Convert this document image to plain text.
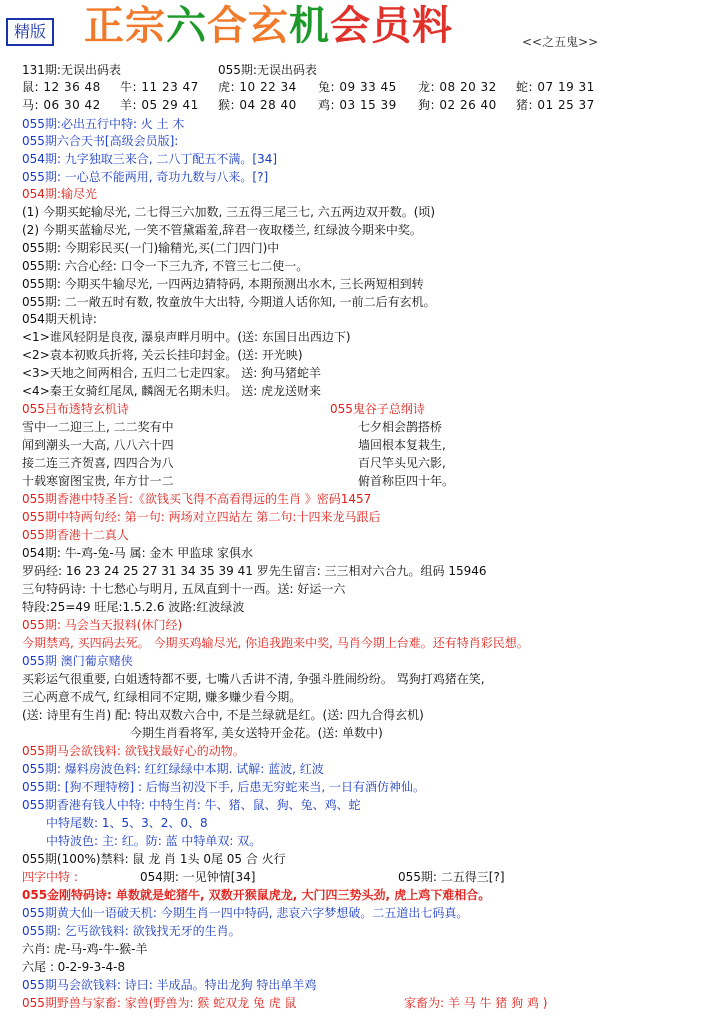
精版 正宗六合玄机会员料	<<之五鬼>>
131期:无误出码表	055期:无误出码表
鼠: 12 36 48 牛: 11 23 47 虎: 10 22 34 兔: 09 33 45 龙: 08 20 32 蛇: 07 19 31
马: 06 30 42 羊: 05 29 41 猴: 04 28 40 鸡: 03 15 39 狗: 02 26 40 猪: 01 25 37
055期:必出五行中特: 火 土 木
055期六合天书[高级会员版]:
054期: 九字独取三来合, 二八丁配五不满。[34]
055期: 一心总不能两用, 奇功九数与八来。[?]
054期:输尽光
(1) 今期买蛇输尽光, 二七得三六加数, 三五得三尾三七, 六五两边双开数。(顷)
(2) 今期买蓝输尽光, 一笑不管黛霜羞,辞君一夜取楼兰, 红绿波今期来中奖。
055期: 今期彩民买(一门)输精光,买(二门四门)中
055期: 六合心经: 口令一下三九齐, 不管三七二使一。
055期: 今期买牛输尽光, 一四两边猜特码, 本期预测出水木, 三长两短相到转
055期: 二一敞五时有数, 牧童放牛大出特, 今期道人话你知, 一前二后有玄机。
054期天机诗:
<1>谁风轻阴是良夜, 瀑泉声畔月明中。(送: 东国日出西边下)
<2>袁本初败兵折将, 关云长挂印封金。(送: 开光映)
<3>天地之间两相合, 五归二七走四家。 送: 狗马猪蛇羊
<4>秦王女骑红尾凤, 麟阁无名期未归。 送: 虎龙送财来
055吕布透特玄机诗	055鬼谷子总纲诗
雪中一二迎三上, 二二奖有中	七夕相会鹊搭桥
闻到潮头一大高, 八八六十四	墙回根本复栽生,
接二连三齐贺喜, 四四合为八	百尺竿头见六影,
十载寒窗图宝贵, 年方廿一二	俯首称臣四十年。
055期香港中特圣旨:《欲钱买飞得不高看得远的生肖 》密码1457
055期中特两句经: 第一句: 两场对立四站左 第二句:十四来龙马跟后
055期香港十二真人
054期: 牛-鸡-兔-马 属: 金木 甲监球 家俱水
罗码经: 16 23 24 25 27 31 34 35 39 41 罗先生留言: 三三相对六合九。组码 15946
三句特码诗: 十七愁心与明月, 五凤直到十一西。送: 好运一六
特段:25=49 旺尾:1.5.2.6 波路:红波绿波
055期: 马会当天报料(休门经)
今期禁鸡, 买四码去死。 今期买鸡输尽光, 你追我跑来中奖, 马肖今期上台难。还有特肖彩民想。
055期 澳门葡京赌侠
买彩运气很重要, 白姐透特都不要, 七嘴八舌讲不清, 争强斗胜闹纷纷。 骂狗打鸡猪在笑,
三心两意不成气, 红绿相同不定期, 赚多赚少看今期。
(送: 诗里有生肖) 配: 特出双数六合中, 不是兰绿就是红。(送: 四九合得玄机)
今期生肖看将军, 美女送特开金花。(送: 单数中)
055期马会欲钱料: 欲钱找最好心的动物。
055期: 爆料房波色料: 红红绿绿中本期. 试解: 蓝波, 红波
055期: [狗不理特榜] : 后悔当初没下手, 后患无穷蛇来当, 一日有酒仿神仙。
055期香港有钱人中特: 中特生肖: 牛、猪、鼠、狗、兔、鸡、蛇
中特尾数: 1、5、3、2、0、8
中特波色: 主: 红。防: 蓝 中特单双: 双。
055期(100%)禁料: 鼠 龙 肖 1头 0尾 05 合 火行
四字中特 :	054期: 一见钟情[34]	055期: 二五得三[?]
055金刚特码诗: 单数就是蛇猪牛, 双数开猴鼠虎龙, 大门四三势头劲, 虎上鸡下难相合。
055期黄大仙一语破天机: 今期生肖一四中特码, 悲哀六字梦想破。二五道出七码真。
055期: 乞丐欲钱料: 欲钱找无牙的生肖。
六肖: 虎-马-鸡-牛-猴-羊
六尾 : 0-2-9-3-4-8
055期马会欲钱料: 诗曰: 半成品。特出龙狗 特出单羊鸡
055期野兽与家畜: 家兽(野兽为: 猴 蛇双龙 兔 虎 鼠	家畜为: 羊 马 牛 猪 狗 鸡 )
